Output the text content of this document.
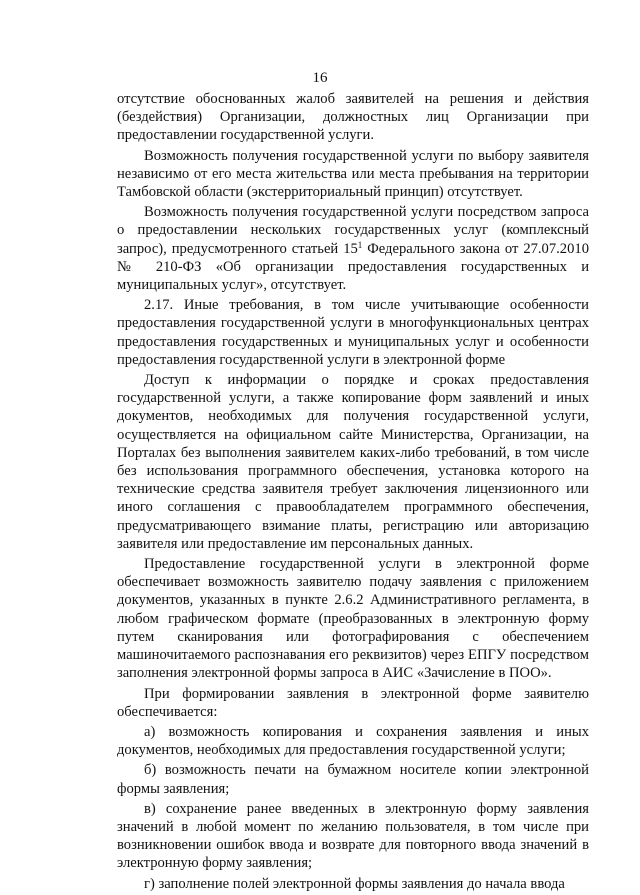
16

отсутствие обоснованных жалоб заявителей на решения и действия (бездействия) Организации, должностных лиц Организации при предоставлении государственной услуги.

Возможность получения государственной услуги по выбору заявителя независимо от его места жительства или места пребывания на территории Тамбовской области (экстерриториальный принцип) отсутствует.

Возможность получения государственной услуги посредством запроса о предоставлении нескольких государственных услуг (комплексный запрос), предусмотренного статьей $15^1$ Федерального закона от 27.07.2010 № 210-ФЗ «Об организации предоставления государственных и муниципальных услуг», отсутствует.

2.17. Иные требования, в том числе учитывающие особенности предоставления государственной услуги в многофункциональных центрах предоставления государственных и муниципальных услуг и особенности предоставления государственной услуги в электронной форме

Доступ к информации о порядке и сроках предоставления государственной услуги, а также копирование форм заявлений и иных документов, необходимых для получения государственной услуги, осуществляется на официальном сайте Министерства, Организации, на Порталах без выполнения заявителем каких-либо требований, в том числе без использования программного обеспечения, установка которого на технические средства заявителя требует заключения лицензионного или иного соглашения с правообладателем программного обеспечения, предусматривающего взимание платы, регистрацию или авторизацию заявителя или предоставление им персональных данных.

Предоставление государственной услуги в электронной форме обеспечивает возможность заявителю подачу заявления с приложением документов, указанных в пункте 2.6.2 Административного регламента, в любом графическом формате (преобразованных в электронную форму путем сканирования или фотографирования с обеспечением машиночитаемого распознавания его реквизитов) через ЕПГУ посредством заполнения электронной формы запроса в АИС «Зачисление в ПОО».

При формировании заявления в электронной форме заявителю обеспечивается:

а) возможность копирования и сохранения заявления и иных документов, необходимых для предоставления государственной услуги;

б) возможность печати на бумажном носителе копии электронной формы заявления;

в) сохранение ранее введенных в электронную форму заявления значений в любой момент по желанию пользователя, в том числе при возникновении ошибок ввода и возврате для повторного ввода значений в электронную форму заявления;

г) заполнение полей электронной формы заявления до начала ввода
